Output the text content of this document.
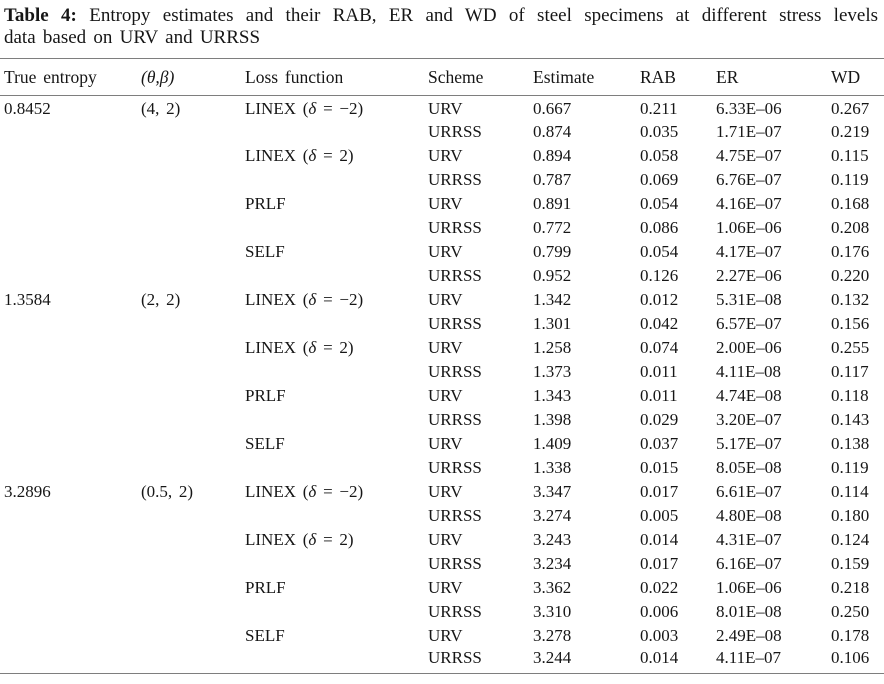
Table 4: Entropy estimates and their RAB, ER and WD of steel specimens at different stress levels
data based on URV and URRSS

True entropy	(θ,β)	Loss function	Scheme	Estimate	RAB	ER	WD
0.8452	(4, 2)	LINEX (δ = −2)	URV	0.667	0.211	6.33E–06	0.267
			URRSS	0.874	0.035	1.71E–07	0.219
		LINEX (δ = 2)	URV	0.894	0.058	4.75E–07	0.115
			URRSS	0.787	0.069	6.76E–07	0.119
		PRLF	URV	0.891	0.054	4.16E–07	0.168
			URRSS	0.772	0.086	1.06E–06	0.208
		SELF	URV	0.799	0.054	4.17E–07	0.176
			URRSS	0.952	0.126	2.27E–06	0.220
1.3584	(2, 2)	LINEX (δ = −2)	URV	1.342	0.012	5.31E–08	0.132
			URRSS	1.301	0.042	6.57E–07	0.156
		LINEX (δ = 2)	URV	1.258	0.074	2.00E–06	0.255
			URRSS	1.373	0.011	4.11E–08	0.117
		PRLF	URV	1.343	0.011	4.74E–08	0.118
			URRSS	1.398	0.029	3.20E–07	0.143
		SELF	URV	1.409	0.037	5.17E–07	0.138
			URRSS	1.338	0.015	8.05E–08	0.119
3.2896	(0.5, 2)	LINEX (δ = −2)	URV	3.347	0.017	6.61E–07	0.114
			URRSS	3.274	0.005	4.80E–08	0.180
		LINEX (δ = 2)	URV	3.243	0.014	4.31E–07	0.124
			URRSS	3.234	0.017	6.16E–07	0.159
		PRLF	URV	3.362	0.022	1.06E–06	0.218
			URRSS	3.310	0.006	8.01E–08	0.250
		SELF	URV	3.278	0.003	2.49E–08	0.178
			URRSS	3.244	0.014	4.11E–07	0.106
